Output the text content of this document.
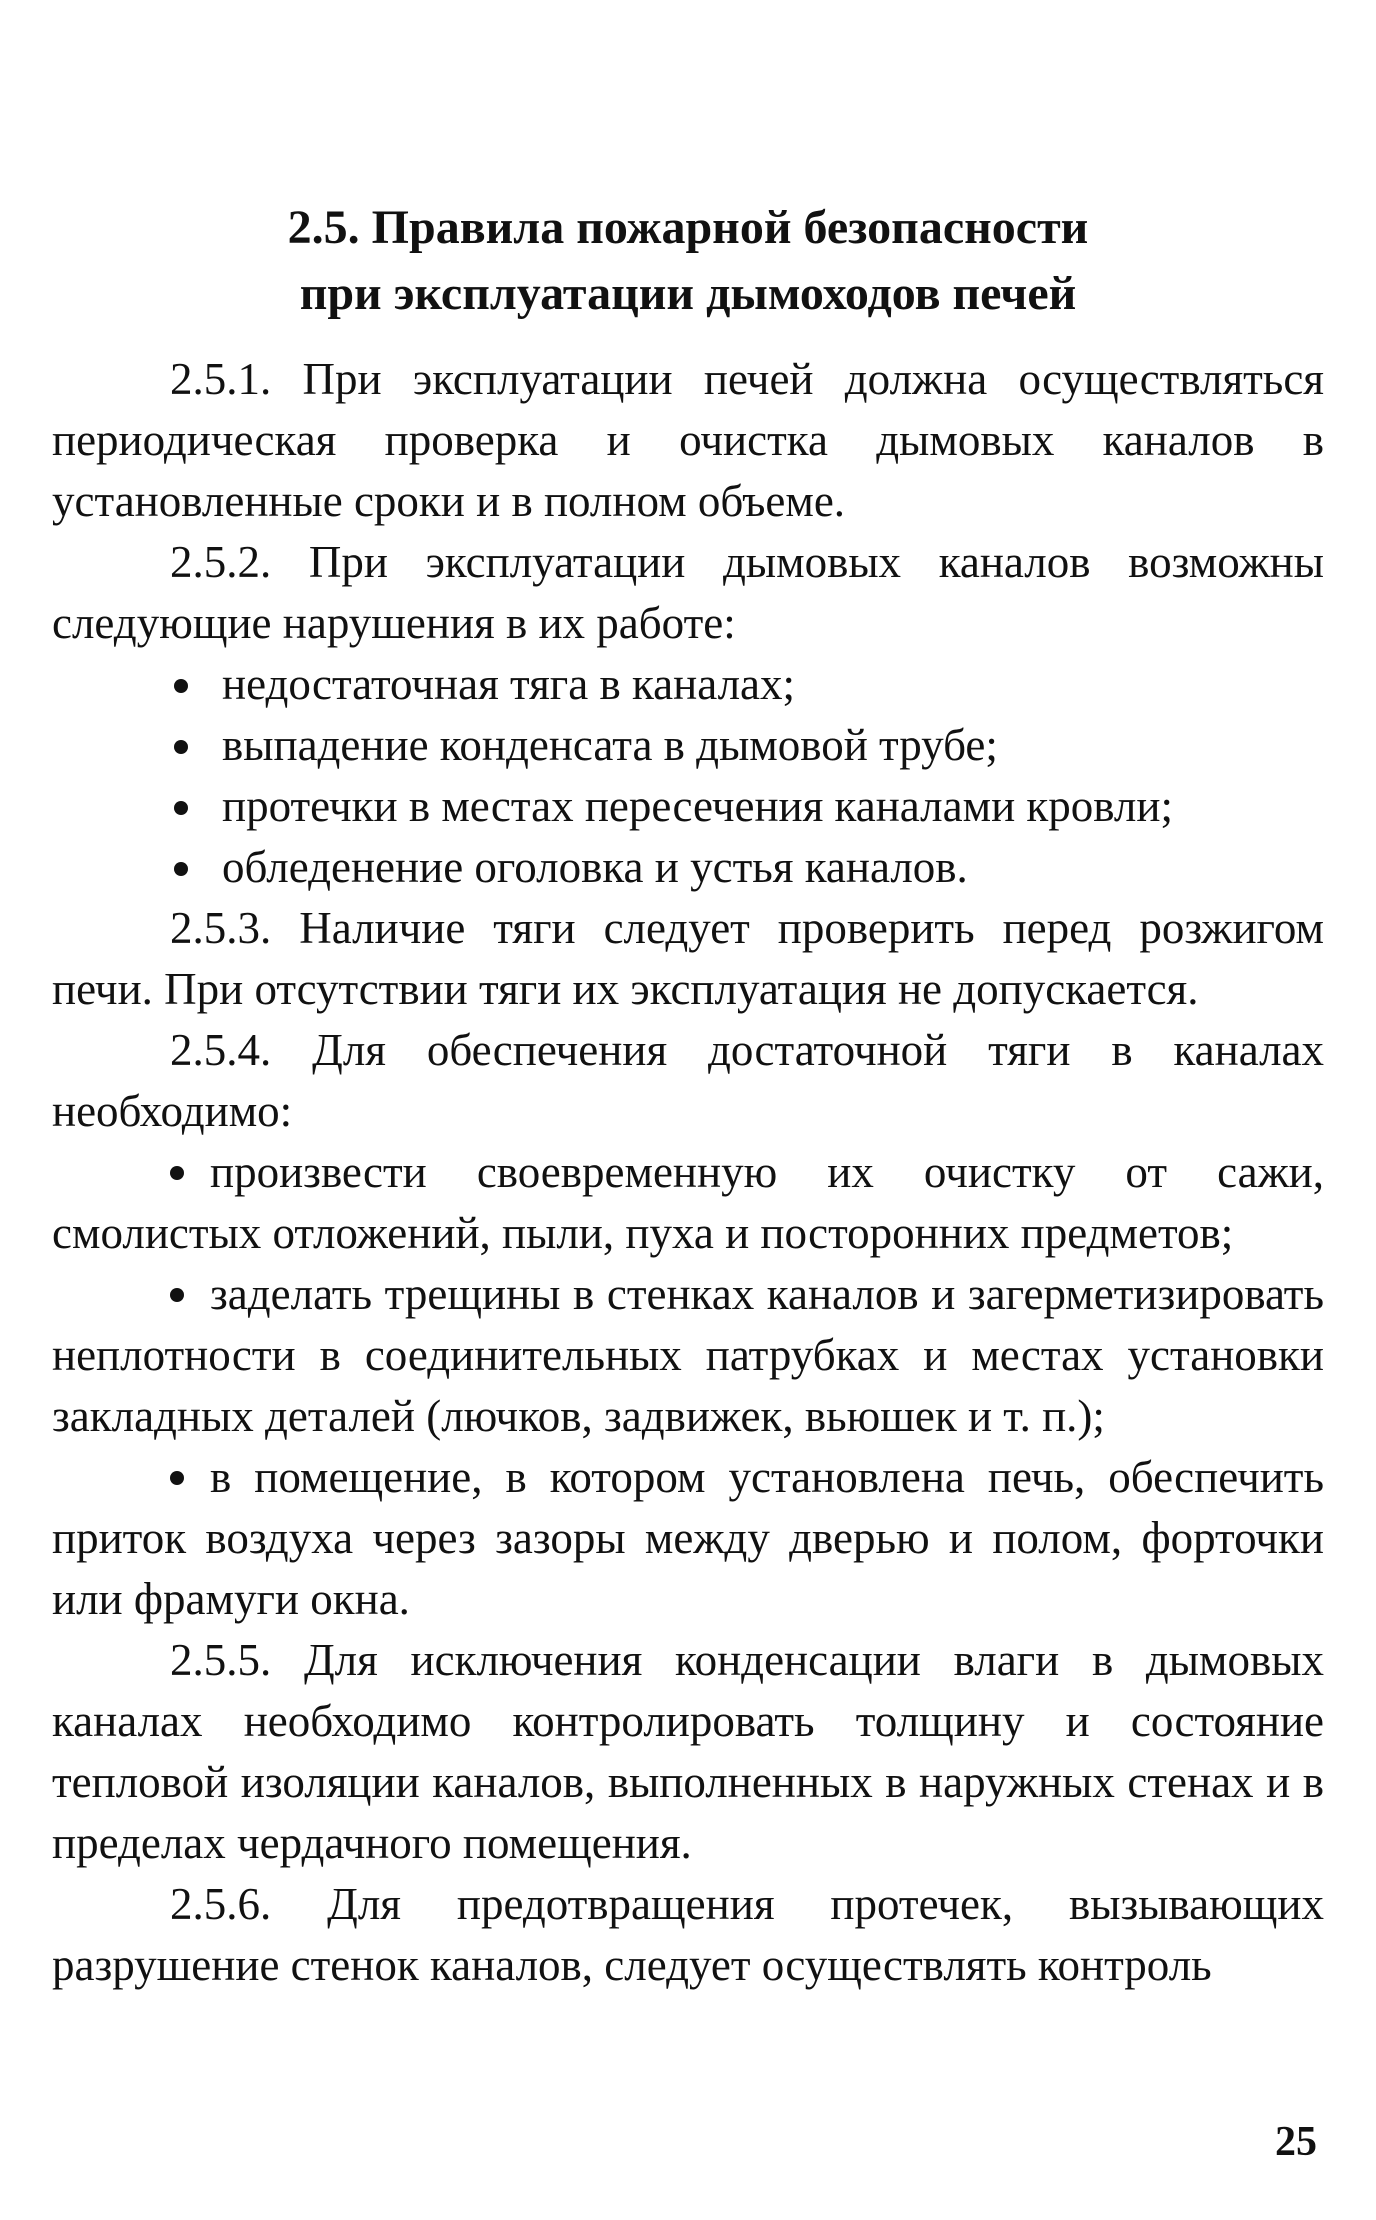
2.5. Правила пожарной безопасности
при эксплуатации дымоходов печей

2.5.1. При эксплуатации печей должна осуществляться периодическая проверка и очистка дымовых каналов в установленные сроки и в полном объеме.

2.5.2. При эксплуатации дымовых каналов возможны следующие нарушения в их работе:

недостаточная тяга в каналах;
выпадение конденсата в дымовой трубе;
протечки в местах пересечения каналами кровли;
обледенение оголовка и устья каналов.

2.5.3. Наличие тяги следует проверить перед розжигом печи. При отсутствии тяги их эксплуатация не допускается.

2.5.4. Для обеспечения достаточной тяги в каналах необходимо:

произвести своевременную их очистку от сажи, смолистых отложений, пыли, пуха и посторонних предметов;

заделать трещины в стенках каналов и загерметизировать неплотности в соединительных патрубках и местах установки закладных деталей (лючков, задвижек, вьюшек и т. п.);

в помещение, в котором установлена печь, обеспечить приток воздуха через зазоры между дверью и полом, форточки или фрамуги окна.

2.5.5. Для исключения конденсации влаги в дымовых каналах необходимо контролировать толщину и состояние тепловой изоляции каналов, выполненных в наружных стенах и в пределах чердачного помещения.

2.5.6. Для предотвращения протечек, вызывающих разрушение стенок каналов, следует осуществлять контроль

25
